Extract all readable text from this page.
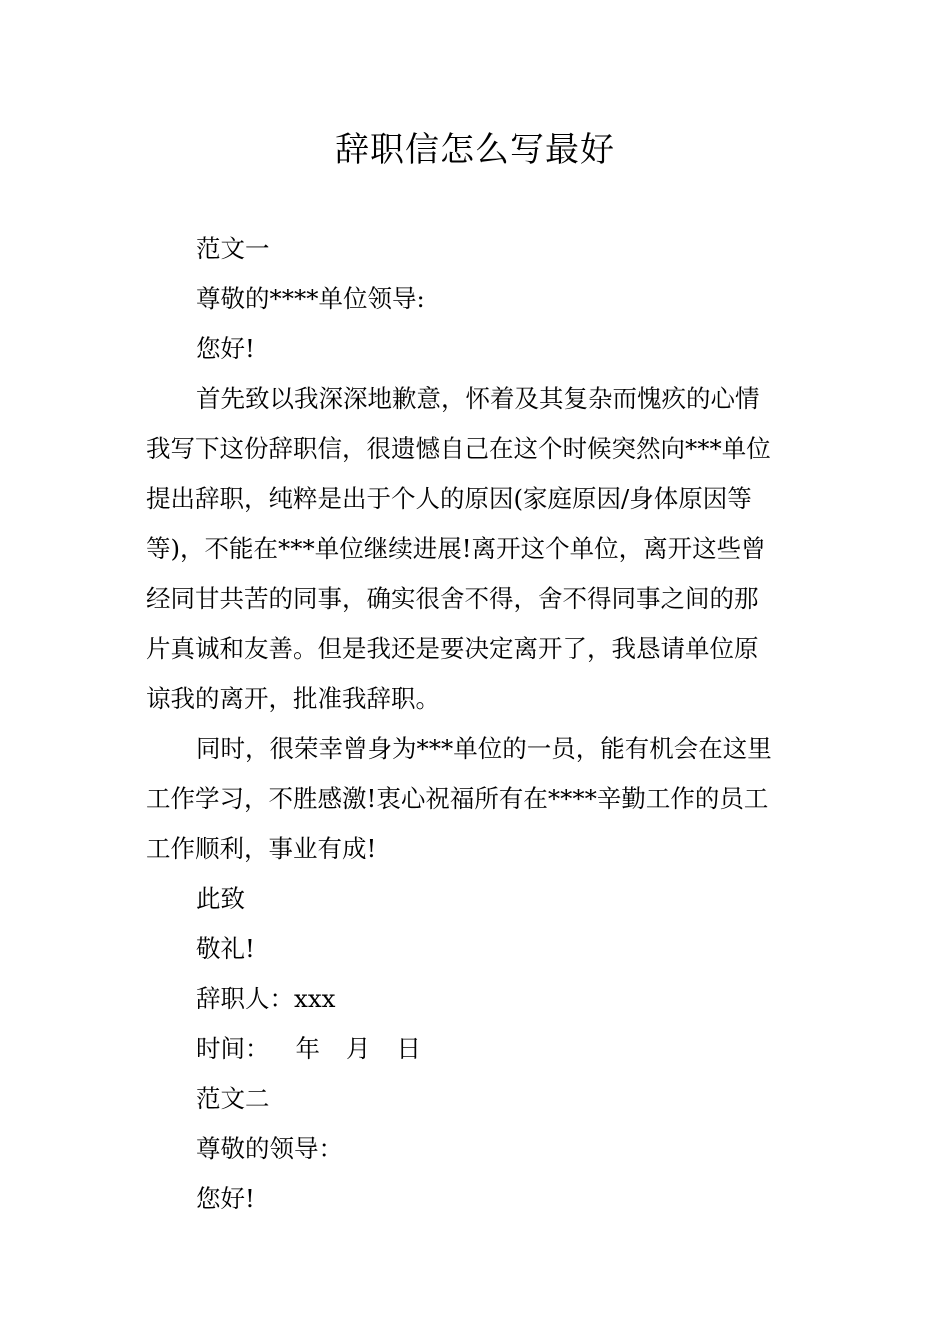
辞职信怎么写最好
范文一
尊敬的****单位领导:
您好!
首先致以我深深地歉意，怀着及其复杂而愧疚的心情
我写下这份辞职信，很遗憾自己在这个时候突然向***单位
提出辞职，纯粹是出于个人的原因(家庭原因/身体原因等
等)，不能在***单位继续进展!离开这个单位，离开这些曾
经同甘共苦的同事，确实很舍不得，舍不得同事之间的那
片真诚和友善。但是我还是要决定离开了，我恳请单位原
谅我的离开，批准我辞职。
同时，很荣幸曾身为***单位的一员，能有机会在这里
工作学习，不胜感激!衷心祝福所有在****辛勤工作的员工
工作顺利，事业有成!
此致
敬礼!
辞职人：xxx
时间： 年 月 日
范文二
尊敬的领导：
您好!
